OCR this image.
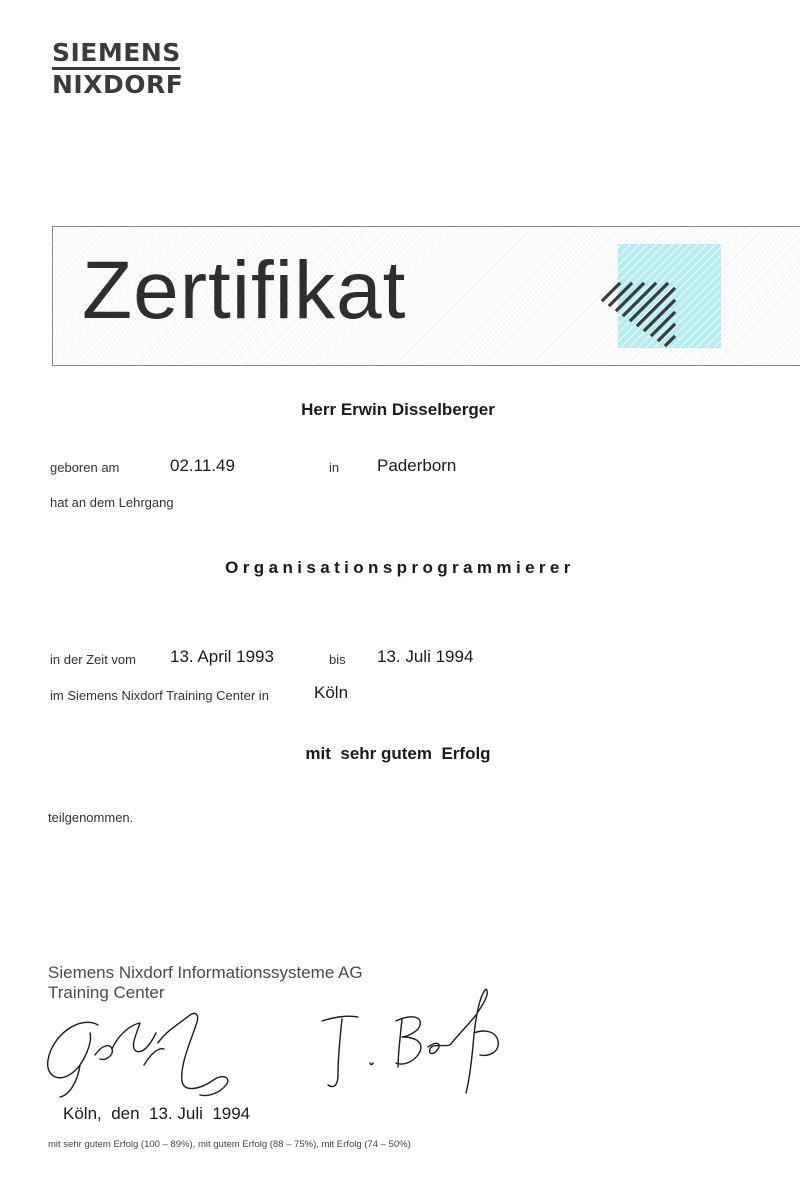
SIEMENS
NIXDORF
Zertifikat
Herr Erwin Disselberger
geboren am	02.11.49	in Paderborn
hat an dem Lehrgang
Organisationsprogrammierer
in der Zeit vom 13. April 1993	bis 13. Juli 1994
im Siemens Nixdorf Training Center in	Köln
mit  sehr gutem  Erfolg
teilgenommen.
Siemens Nixdorf Informationssysteme AG
Training Center
Köln,  den  13. Juli  1994
mit sehr gutem Erfolg (100 – 89%), mit gutem Erfolg (88 – 75%), mit Erfolg (74 – 50%)
